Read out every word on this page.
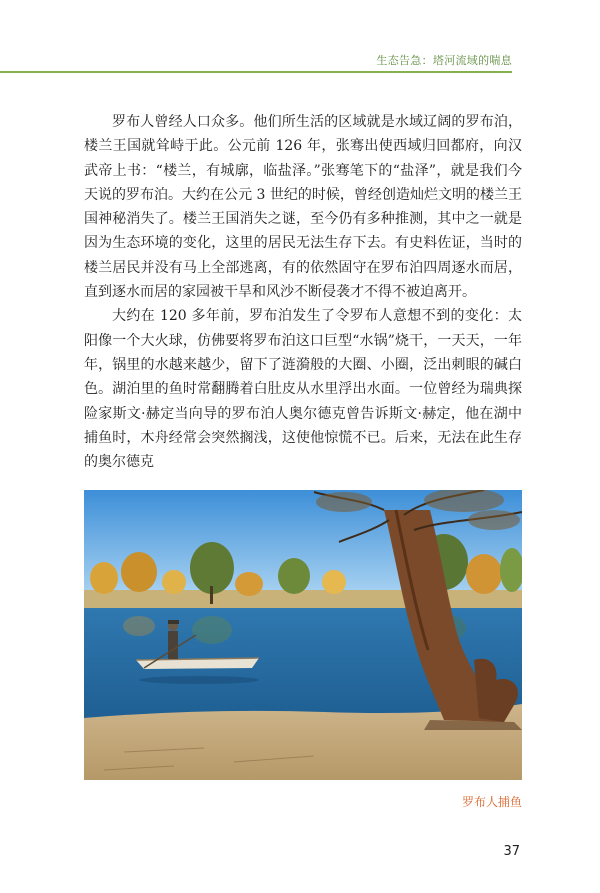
生态告急：塔河流域的喘息

罗布人曾经人口众多。他们所生活的区域就是水域辽阔的罗布泊，楼兰王国就耸峙于此。公元前 126 年，张骞出使西域归回都府，向汉武帝上书：“楼兰，有城廓，临盐泽。”张骞笔下的“盐泽”，就是我们今天说的罗布泊。大约在公元 3 世纪的时候，曾经创造灿烂文明的楼兰王国神秘消失了。楼兰王国消失之谜，至今仍有多种推测，其中之一就是因为生态环境的变化，这里的居民无法生存下去。有史料佐证，当时的楼兰居民并没有马上全部逃离，有的依然固守在罗布泊四周逐水而居，直到逐水而居的家园被干旱和风沙不断侵袭才不得不被迫离开。

大约在 120 多年前，罗布泊发生了令罗布人意想不到的变化：太阳像一个大火球，仿佛要将罗布泊这口巨型“水锅”烧干，一天天，一年年，锅里的水越来越少，留下了涟漪般的大圈、小圈，泛出刺眼的碱白色。湖泊里的鱼时常翻腾着白肚皮从水里浮出水面。一位曾经为瑞典探险家斯文·赫定当向导的罗布泊人奥尔德克曾告诉斯文·赫定，他在湖中捕鱼时，木舟经常会突然搁浅，这使他惊慌不已。后来，无法在此生存的奥尔德克

罗布人捕鱼
37
